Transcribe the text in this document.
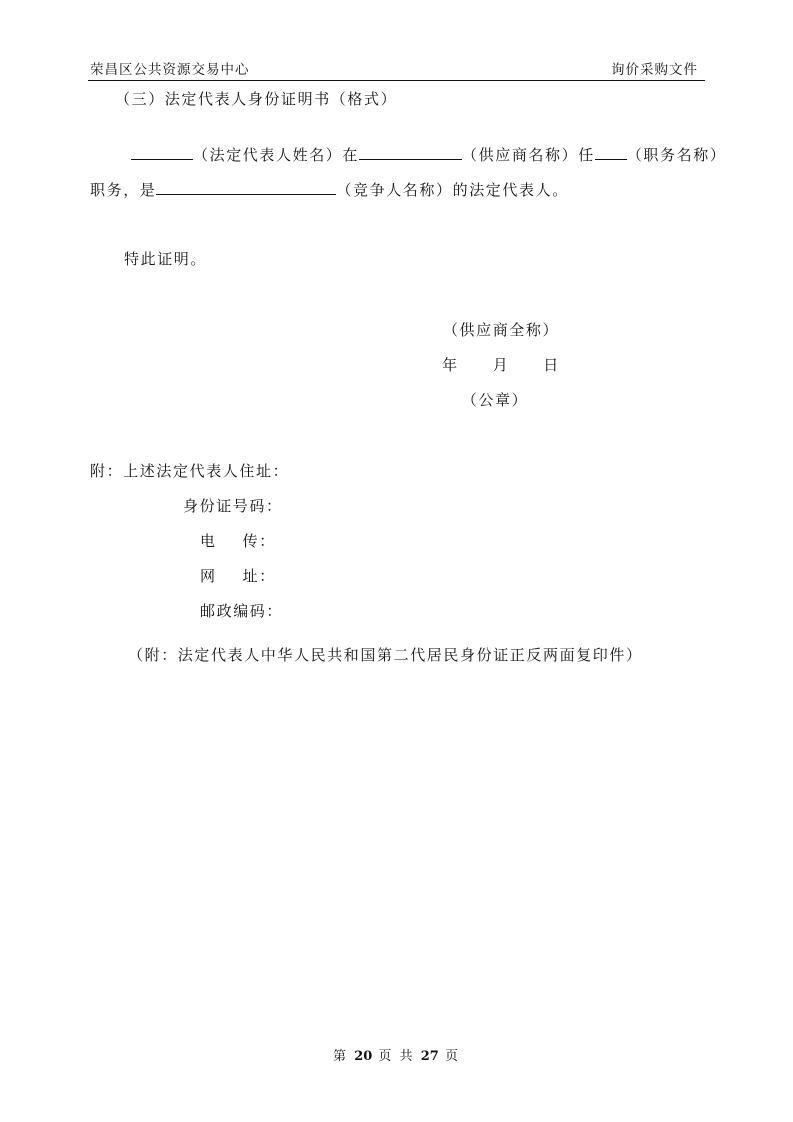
荣昌区公共资源交易中心	询价采购文件
（三）法定代表人身份证明书（格式）
（法定代表人姓名）在	（供应商名称）任 （职务名称）
职务，是	（竞争人名称）的法定代表人。
特此证明。
（供应商全称）
年 月 日
（公章）
附：上述法定代表人住址：
身份证号码：
电 传：
网 址：
邮政编码：
（附：法定代表人中华人民共和国第二代居民身份证正反两面复印件）
第 20 页 共 27 页
